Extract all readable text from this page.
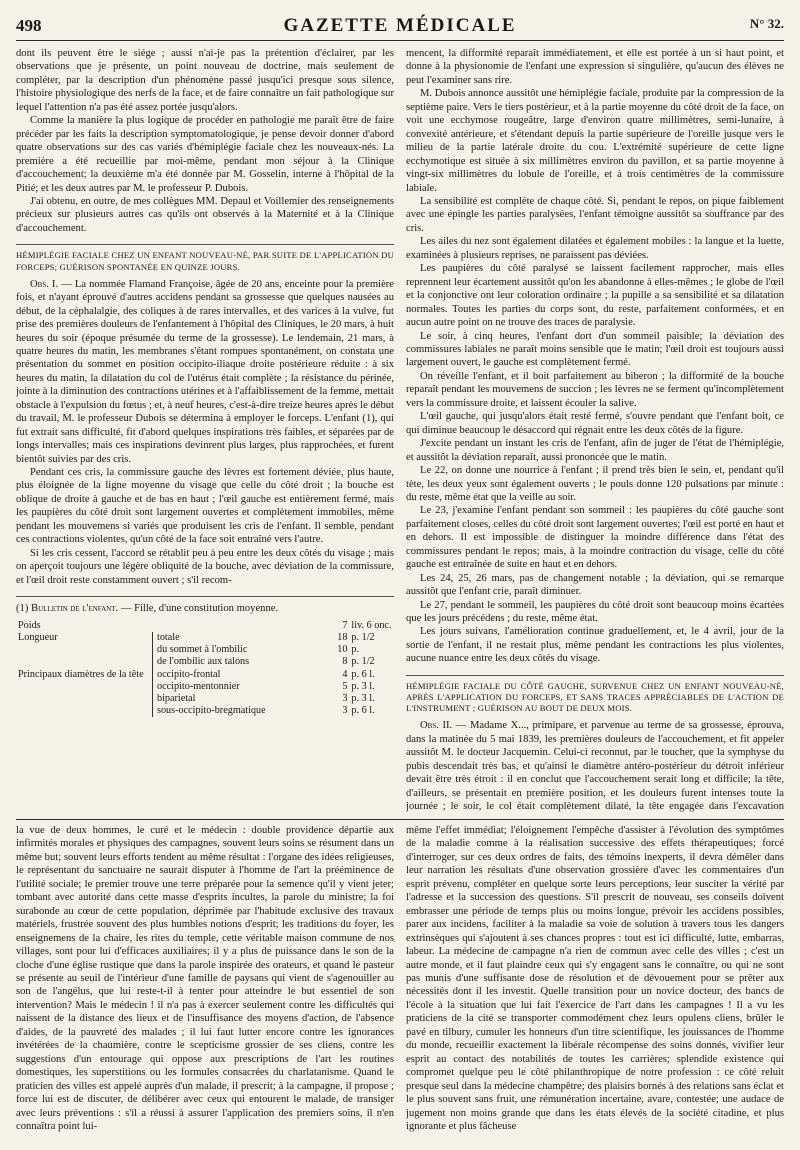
498	GAZETTE MÉDICALE	N° 32.

dont ils peuvent être le siége ; aussi n'ai-je pas la prétention d'éclairer, par les observations que je présente, un point nouveau de doctrine, mais seulement de compléter, par la description d'un phénomène passé jusqu'ici presque sous silence, l'histoire physiologique des nerfs de la face, et de faire connaître un fait pathologique sur lequel l'attention n'a pas été assez portée jusqu'alors.

Comme la manière la plus logique de procéder en pathologie me paraît être de faire précéder par les faits la description symptomatologique, je pense devoir donner d'abord quatre observations sur des cas variés d'hémiplégie faciale chez les nouveaux-nés. La première a été recueillie par moi-même, pendant mon séjour à la Clinique d'accouchement; la deuxième m'a été donnée par M. Gosselin, interne à l'hôpital de la Pitié; et les deux autres par M. le professeur P. Dubois.

J'ai obtenu, en outre, de mes collègues MM. Depaul et Voillemier des renseignements précieux sur plusieurs autres cas qu'ils ont observés à la Maternité et à la Clinique d'accouchement.

HÉMIPLÉGIE FACIALE CHEZ UN ENFANT NOUVEAU-NÉ, PAR SUITE DE L'APPLICATION DU FORCEPS; GUÉRISON SPONTANÉE EN QUINZE JOURS.

Obs. I. — La nommée Flamand Françoise, âgée de 20 ans, enceinte pour la première fois, et n'ayant éprouvé d'autres accidens pendant sa grossesse que quelques nausées au début, de la céphalalgie, des coliques à de rares intervalles, et des varices à la vulve, fut prise des premières douleurs de l'enfantement à l'hôpital des Cliniques, le 20 mars, à huit heures du soir (époque présumée du terme de la grossesse). Le lendemain, 21 mars, à quatre heures du matin, les membranes s'étant rompues spontanément, on constata une présentation du sommet en position occipito-iliaque droite postérieure réduite : à six heures du matin, la dilatation du col de l'utérus était complète ; la résistance du périnée, jointe à la diminution des contractions utérines et à l'affaiblissement de la femme, mettait obstacle à l'expulsion du fœtus ; et, à neuf heures, c'est-à-dire treize heures après le début du travail, M. le professeur Dubois se détermina à employer le forceps. L'enfant (1), qui fut extrait sans difficulté, fit d'abord quelques inspirations très faibles, et séparées par de longs intervalles; mais ces inspirations devinrent plus larges, plus rapprochées, et furent bientôt suivies par des cris.

Pendant ces cris, la commissure gauche des lèvres est fortement déviée, plus haute, plus éloignée de la ligne moyenne du visage que celle du côté droit ; la bouche est oblique de droite à gauche et de bas en haut ; l'œil gauche est entièrement fermé, mais les paupières du côté droit sont largement ouvertes et complètement immobiles, même pendant les mouvemens si variés que produisent les cris de l'enfant. Il semble, pendant ces contractions violentes, qu'un côté de la face soit entraîné vers l'autre.

Si les cris cessent, l'accord se rétablit peu à peu entre les deux côtés du visage ; mais on aperçoit toujours une légère obliquité de la bouche, avec déviation de la commissure, et l'œil droit reste constamment ouvert ; s'il recom-

(1) Bulletin de l'enfant. — Fille, d'une constitution moyenne.
Poids		7	liv. 6 onc.
Longueur	totale	18	p. 1/2
	du sommet à l'ombilic	10	p.
	de l'ombilic aux talons	8	p. 1/2
Principaux diamètres de la tête	occipito-frontal	4	p. 6 l.
	occipito-mentonnier	5	p. 3 l.
	biparietal	3	p. 3 l.
	sous-occipito-bregmatique	3	p. 6 l.

mencent, la difformité reparaît immédiatement, et elle est portée à un si haut point, et donne à la physionomie de l'enfant une expression si singulière, qu'aucun des élèves ne peut l'examiner sans rire.

M. Dubois annonce aussitôt une hémiplégie faciale, produite par la compression de la septième paire. Vers le tiers postérieur, et à la partie moyenne du côté droit de la face, on voit une ecchymose rougeâtre, large d'environ quatre millimètres, semi-lunaire, à convexité antérieure, et s'étendant depuis la partie supérieure de l'oreille jusque vers le milieu de la partie latérale droite du cou. L'extrémité supérieure de cette ligne ecchymotique est située à six millimètres environ du pavillon, et sa partie moyenne à vingt-six millimètres du lobule de l'oreille, et à trois centimètres de la commissure labiale.

La sensibilité est complète de chaque côté. Si, pendant le repos, on pique faiblement avec une épingle les parties paralysées, l'enfant témoigne aussitôt sa souffrance par des cris.

Les ailes du nez sont également dilatées et également mobiles : la langue et la luette, examinées à plusieurs reprises, ne paraissent pas déviées.

Les paupières du côté paralysé se laissent facilement rapprocher, mais elles reprennent leur écartement aussitôt qu'on les abandonne à elles-mêmes ; le globe de l'œil et la conjonctive ont leur coloration ordinaire ; la pupille a sa sensibilité et sa dilatation normales. Toutes les parties du corps sont, du reste, parfaitement conformées, et en aucun autre point on ne trouve des traces de paralysie.

Le soir, à cinq heures, l'enfant dort d'un sommeil paisible; la déviation des commissures labiales ne paraît moins sensible que le matin; l'œil droit est toujours aussi largement ouvert, le gauche est complètement fermé.

On réveille l'enfant, et il boit parfaitement au biberon ; la difformité de la bouche reparaît pendant les mouvemens de succion ; les lèvres ne se ferment qu'incomplètement vers la commissure droite, et laissent écouler la salive.

L'œil gauche, qui jusqu'alors était resté fermé, s'ouvre pendant que l'enfant boit, ce qui diminue beaucoup le désaccord qui régnait entre les deux côtés de la figure.

J'excite pendant un instant les cris de l'enfant, afin de juger de l'état de l'hémiplégie, et aussitôt la déviation reparaît, aussi prononcée que le matin.

Le 22, on donne une nourrice à l'enfant ; il prend très bien le sein, et, pendant qu'il tète, les deux yeux sont également ouverts ; le pouls donne 120 pulsations par minute : du reste, même état que la veille au soir.

Le 23, j'examine l'enfant pendant son sommeil : les paupières du côté gauche sont parfaitement closes, celles du côté droit sont largement ouvertes; l'œil est porté en haut et en dehors. Il est impossible de distinguer la moindre différence dans l'état des commissures pendant le repos; mais, à la moindre contraction du visage, celle du côté gauche est entraînée de suite en haut et en dehors.

Les 24, 25, 26 mars, pas de changement notable ; la déviation, qui se remarque aussitôt que l'enfant crie, paraît diminuer.

Le 27, pendant le sommeil, les paupières du côté droit sont beaucoup moins écartées que les jours précédens ; du reste, même état.

Les jours suivans, l'amélioration continue graduellement, et, le 4 avril, jour de la sortie de l'enfant, il ne restait plus, même pendant les contractions les plus violentes, aucune nuance entre les deux côtés du visage.

HÉMIPLÉGIE FACIALE DU CÔTÉ GAUCHE, SURVENUE CHEZ UN ENFANT NOUVEAU-NÉ, APRÈS L'APPLICATION DU FORCEPS, ET SANS TRACES APPRÉCIABLES DE L'ACTION DE L'INSTRUMENT ; GUÉRISON AU BOUT DE DEUX MOIS.

Obs. II. — Madame X..., primipare, et parvenue au terme de sa grossesse, éprouva, dans la matinée du 5 mai 1839, les premières douleurs de l'accouchement, et fit appeler aussitôt M. le docteur Jacquemin. Celui-ci reconnut, par le toucher, que la symphyse du pubis descendait très bas, et qu'ainsi le diamètre antéro-postérieur du détroit inférieur devait être très étroit : il en conclut que l'accouchement serait long et difficile; la tête, d'ailleurs, se présentait en première position, et les douleurs furent intenses toute la journée ; le soir, le col était complètement dilaté, la tête engagée dans l'excavation

la vue de deux hommes, le curé et le médecin : double providence départie aux infirmités morales et physiques des campagnes, souvent leurs soins se résument dans un même but; souvent leurs efforts tendent au même résultat : l'organe des idées religieuses, le représentant du sanctuaire ne saurait disputer à l'homme de l'art la prééminence de l'utilité sociale; le premier trouve une terre préparée pour la semence qu'il y vient jeter; tombant avec autorité dans cette masse d'esprits incultes, la parole du ministre; la foi surabonde au cœur de cette population, déprimée par l'habitude exclusive des travaux matériels, frustrée souvent des plus humbles notions d'esprit; les traditions du foyer, les enseignemens de la chaire, les rites du temple, cette véritable maison commune de nos villages, sont pour lui d'efficaces auxiliaires; il y a plus de puissance dans le son de la cloche d'une église rustique que dans la parole inspirée des orateurs, et quand le pasteur se présente au seuil de l'intérieur d'une famille de paysans qui vient de s'agenouiller au son de l'angélus, que lui reste-t-il à tenter pour atteindre le but essentiel de son intervention? Mais le médecin ! il n'a pas à exercer seulement contre les difficultés qui naissent de la distance des lieux et de l'insuffisance des moyens d'action, de l'absence d'aides, de la pauvreté des malades ; il lui faut lutter encore contre les ignorances invétérées de la chaumière, contre le scepticisme grossier de ses cliens, contre les suggestions d'un entourage qui oppose aux prescriptions de l'art les routines domestiques, les superstitions ou les formules consacrées du charlatanisme. Quand le praticien des villes est appelé auprès d'un malade, il prescrit; à la campagne, il propose ; force lui est de discuter, de délibérer avec ceux qui entourent le malade, de transiger avec leurs préventions : s'il a réussi à assurer l'application des premiers soins, il n'en connaîtra point lui-

même l'effet immédiat; l'éloignement l'empêche d'assister à l'évolution des symptômes de la maladie comme à la réalisation successive des effets thérapeutiques; forcé d'interroger, sur ces deux ordres de faits, des témoins inexperts, il devra démêler dans leur narration les résultats d'une observation grossière d'avec les commentaires d'un esprit prévenu, compléter en quelque sorte leurs perceptions, leur susciter la vérité par l'adresse et la succession des questions. S'il prescrit de nouveau, ses conseils doivent embrasser une période de temps plus ou moins longue, prévoir les accidens possibles, parer aux incidens, faciliter à la maladie sa voie de solution à travers tous les dangers extrinsèques qui s'ajoutent à ses chances propres : tout est ici difficulté, lutte, embarras, labeur. La médecine de campagne n'a rien de commun avec celle des villes ; c'est un autre monde, et il faut plaindre ceux qui s'y engagent sans le connaître, ou qui ne sont pas munis d'une suffisante dose de résolution et de dévouement pour se prêter aux nécessités dont il les investit. Quelle transition pour un novice docteur, des bancs de l'école à la situation que lui fait l'exercice de l'art dans les campagnes ! Il a vu les praticiens de la cité se transporter commodément chez leurs opulens cliens, brûler le pavé en tilbury, cumuler les honneurs d'un titre scientifique, les jouissances de l'homme du monde, recueillir exactement la libérale récompense des soins donnés, vivifier leur esprit au contact des notabilités de toutes les carrières; splendide existence qui compromet quelque peu le côté philanthropique de notre profession : ce côté reluit presque seul dans la médecine champêtre; des plaisirs bornés à des relations sans éclat et le plus souvent sans fruit, une rémunération incertaine, avare, contestée; une audace de jugement non moins grande que dans les états élevés de la société citadine, et plus ignorante et plus fâcheuse
